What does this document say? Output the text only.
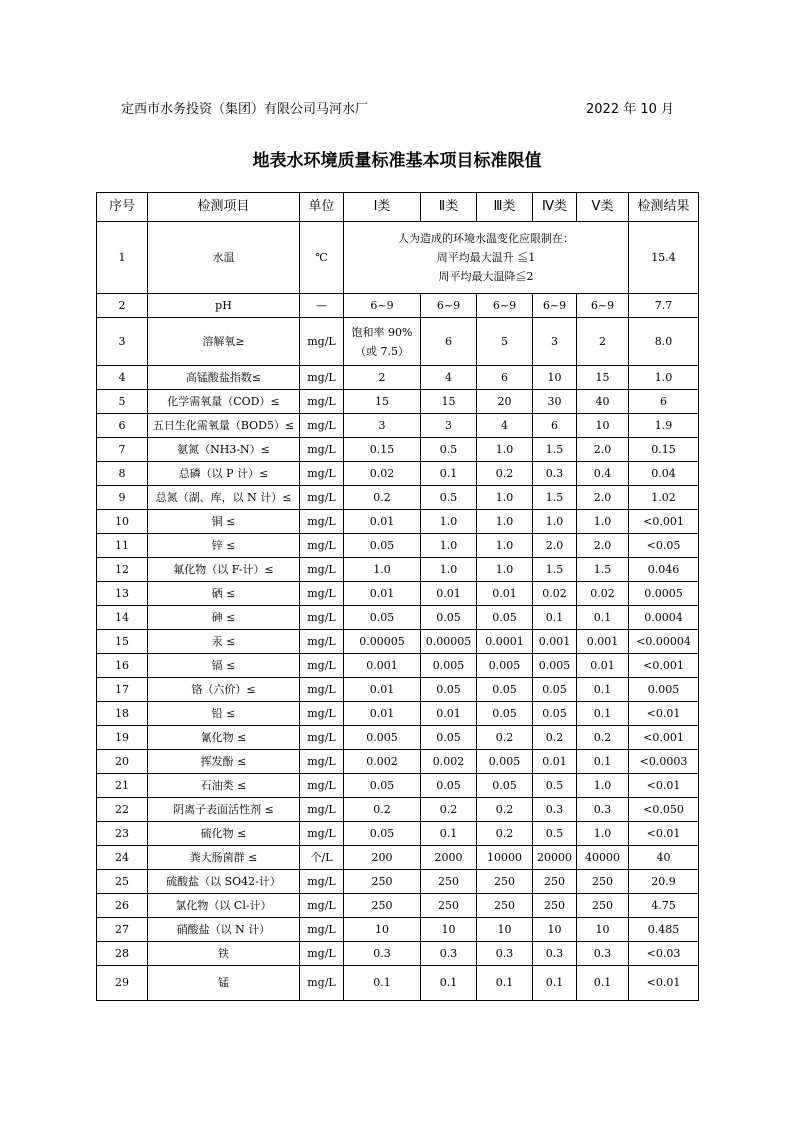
定西市水务投资（集团）有限公司马河水厂	2022 年 10 月
地表水环境质量标准基本项目标准限值
序号	检测项目	单位	Ⅰ类	Ⅱ类	Ⅲ类	Ⅳ类	Ⅴ类	检测结果
1	水温	℃	人为造成的环境水温变化应限制在：
周平均最大温升 ≦1
周平均最大温降≦2					15.4
2	pH	—	6~9	6~9	6~9	6~9	6~9	7.7
3	溶解氧≥	mg/L	饱和率 90%
（或 7.5）	6	5	3	2	8.0
4	高锰酸盐指数≤	mg/L	2	4	6	10	15	1.0
5	化学需氧量（COD）≤	mg/L	15	15	20	30	40	6
6	五日生化需氧量（BOD5）≤	mg/L	3	3	4	6	10	1.9
7	氨氮（NH3-N）≤	mg/L	0.15	0.5	1.0	1.5	2.0	0.15
8	总磷（以 P 计）≤	mg/L	0.02	0.1	0.2	0.3	0.4	0.04
9	总氮（湖、库，以 N 计）≤	mg/L	0.2	0.5	1.0	1.5	2.0	1.02
10	铜 ≤	mg/L	0.01	1.0	1.0	1.0	1.0	<0.001
11	锌 ≤	mg/L	0.05	1.0	1.0	2.0	2.0	<0.05
12	氟化物（以 F-计）≤	mg/L	1.0	1.0	1.0	1.5	1.5	0.046
13	硒 ≤	mg/L	0.01	0.01	0.01	0.02	0.02	0.0005
14	砷 ≤	mg/L	0.05	0.05	0.05	0.1	0.1	0.0004
15	汞 ≤	mg/L	0.00005	0.00005	0.0001	0.001	0.001	<0.00004
16	镉 ≤	mg/L	0.001	0.005	0.005	0.005	0.01	<0.001
17	铬（六价）≤	mg/L	0.01	0.05	0.05	0.05	0.1	0.005
18	铅 ≤	mg/L	0.01	0.01	0.05	0.05	0.1	<0.01
19	氰化物 ≤	mg/L	0.005	0.05	0.2	0.2	0.2	<0.001
20	挥发酚 ≤	mg/L	0.002	0.002	0.005	0.01	0.1	<0.0003
21	石油类 ≤	mg/L	0.05	0.05	0.05	0.5	1.0	<0.01
22	阴离子表面活性剂 ≤	mg/L	0.2	0.2	0.2	0.3	0.3	<0.050
23	硫化物 ≤	mg/L	0.05	0.1	0.2	0.5	1.0	<0.01
24	粪大肠菌群 ≤	个/L	200	2000	10000	20000	40000	40
25	硫酸盐（以 SO42-计）	mg/L	250	250	250	250	250	20.9
26	氯化物（以 Cl-计）	mg/L	250	250	250	250	250	4.75
27	硝酸盐（以 N 计）	mg/L	10	10	10	10	10	0.485
28	铁	mg/L	0.3	0.3	0.3	0.3	0.3	<0.03
29	锰	mg/L	0.1	0.1	0.1	0.1	0.1	<0.01
